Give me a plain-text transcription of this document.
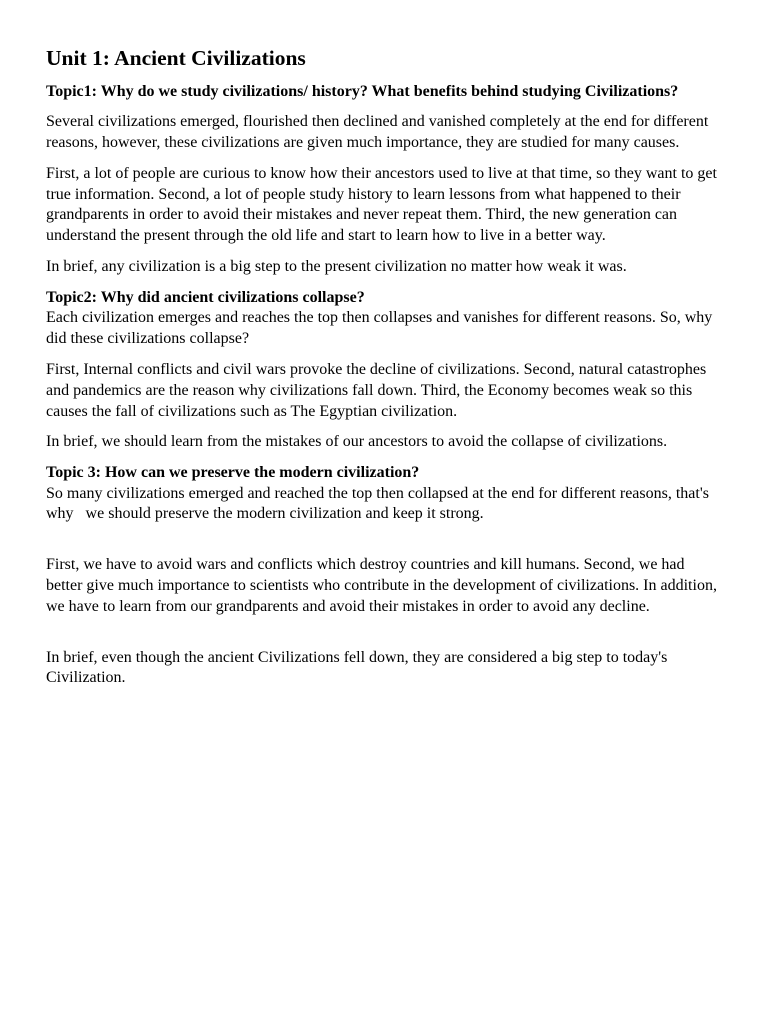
Unit 1: Ancient Civilizations
Topic1: Why do we study civilizations/ history? What benefits behind studying Civilizations?

Several civilizations emerged, flourished then declined and vanished completely at the end for different reasons, however, these civilizations are given much importance, they are studied for many causes.

First, a lot of people are curious to know how their ancestors used to live at that time, so they want to get true information. Second, a lot of people study history to learn lessons from what happened to their grandparents in order to avoid their mistakes and never repeat them. Third, the new generation can understand the present through the old life and start to learn how to live in a better way.

In brief, any civilization is a big step to the present civilization no matter how weak it was.

Topic2: Why did ancient civilizations collapse?

Each civilization emerges and reaches the top then collapses and vanishes for different reasons. So, why did these civilizations collapse?

First, Internal conflicts and civil wars provoke the decline of civilizations. Second, natural catastrophes and pandemics are the reason why civilizations fall down. Third, the Economy becomes weak so this causes the fall of civilizations such as The Egyptian civilization.

In brief, we should learn from the mistakes of our ancestors to avoid the collapse of civilizations.

Topic 3: How can we preserve the modern civilization?

So many civilizations emerged and reached the top then collapsed at the end for different reasons, that's why   we should preserve the modern civilization and keep it strong.

First, we have to avoid wars and conflicts which destroy countries and kill humans. Second, we had better give much importance to scientists who contribute in the development of civilizations. In addition, we have to learn from our grandparents and avoid their mistakes in order to avoid any decline.

In brief, even though the ancient Civilizations fell down, they are considered a big step to today's Civilization.
